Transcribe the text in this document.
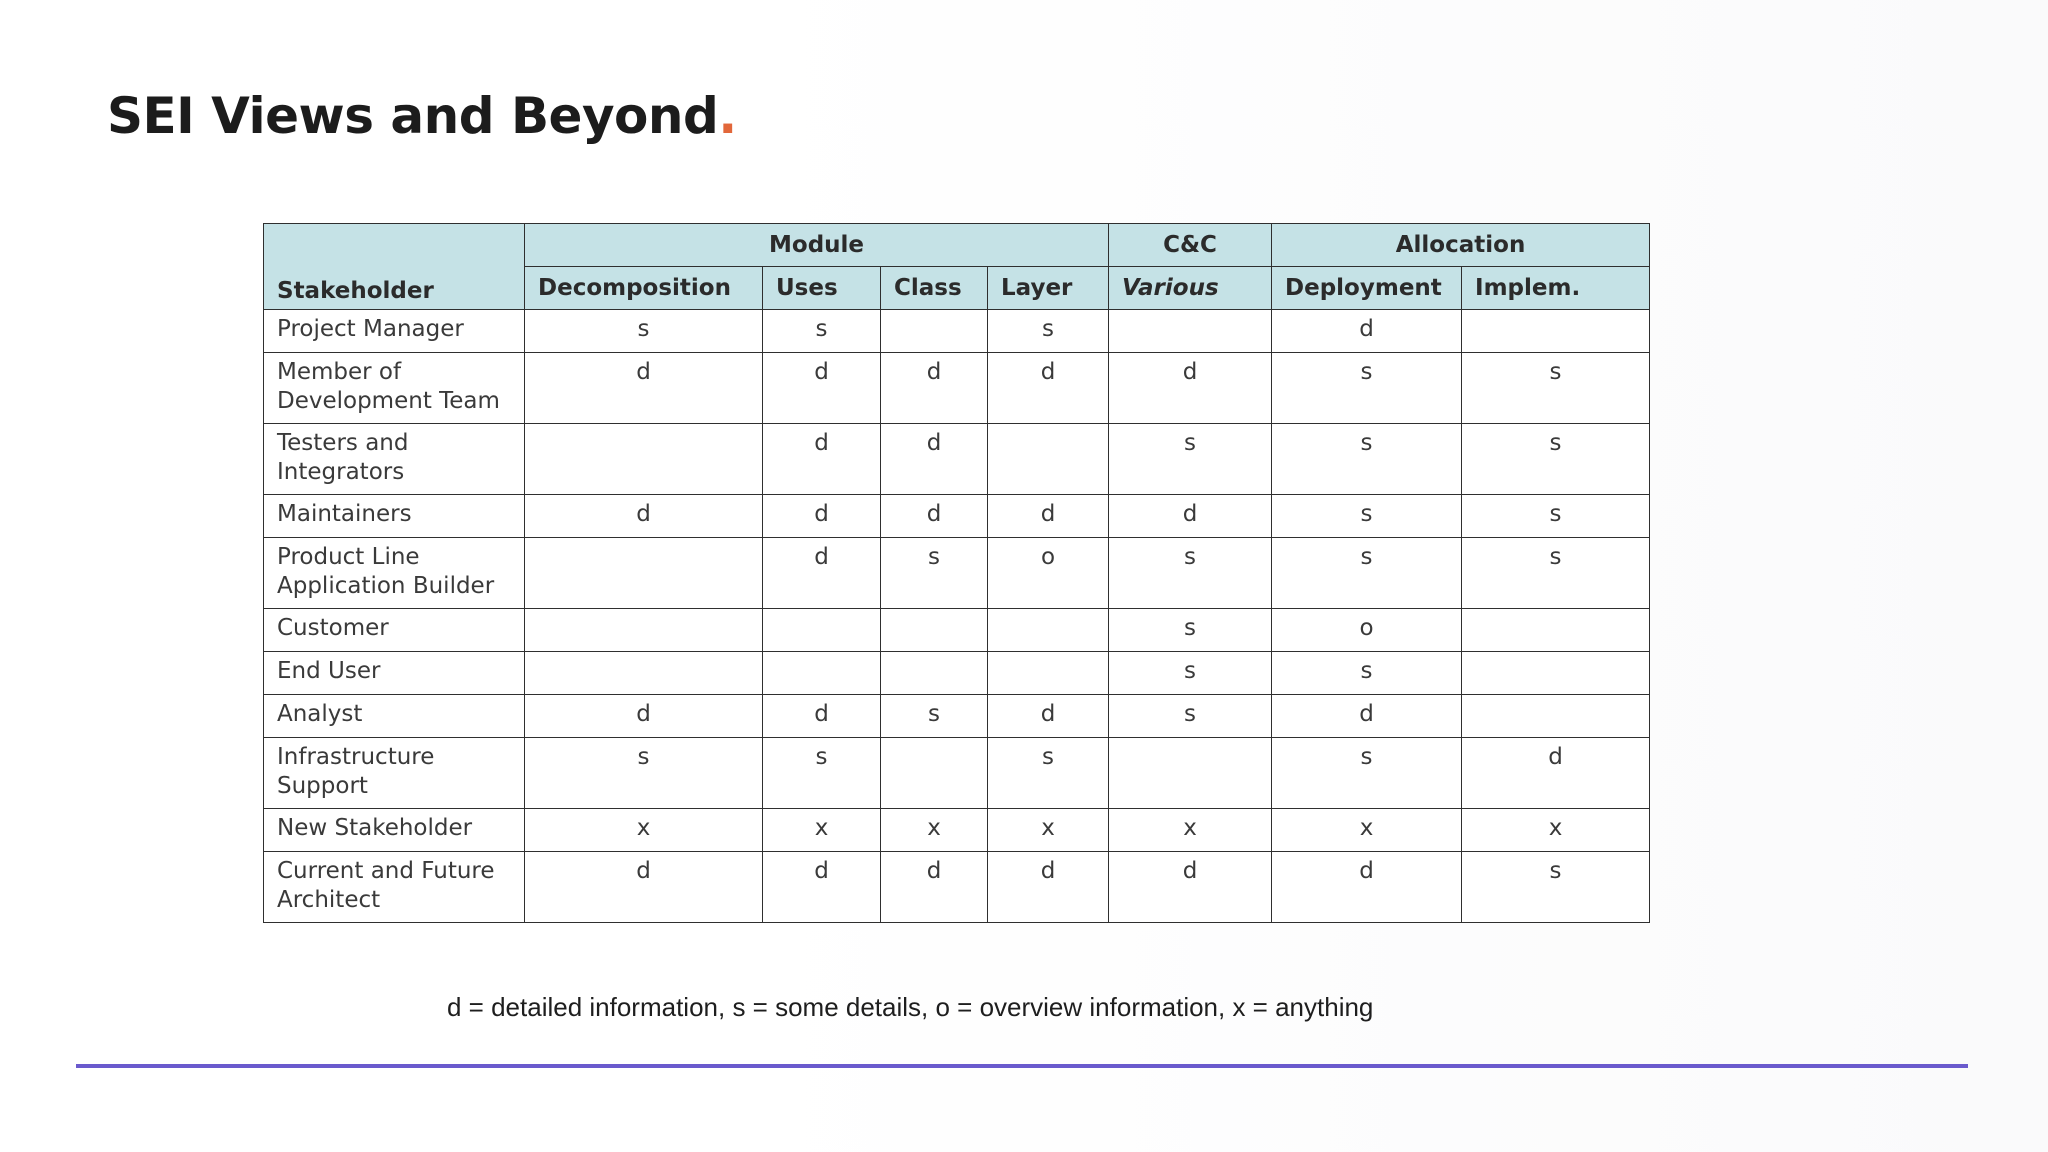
SEI Views and Beyond.
Stakeholder	Module				C&C	Allocation	
	Decomposition	Uses	Class	Layer	Various	Deployment	Implem.
Project Manager	s	s		s		d	
Member of
Development Team	d	d	d	d	d	s	s
Testers and
Integrators		d	d		s	s	s
Maintainers	d	d	d	d	d	s	s
Product Line
Application Builder		d	s	o	s	s	s
Customer					s	o	
End User					s	s	
Analyst	d	d	s	d	s	d	
Infrastructure
Support	s	s		s		s	d
New Stakeholder	x	x	x	x	x	x	x
Current and Future
Architect	d	d	d	d	d	d	s
d = detailed information, s = some details, o = overview information, x = anything
